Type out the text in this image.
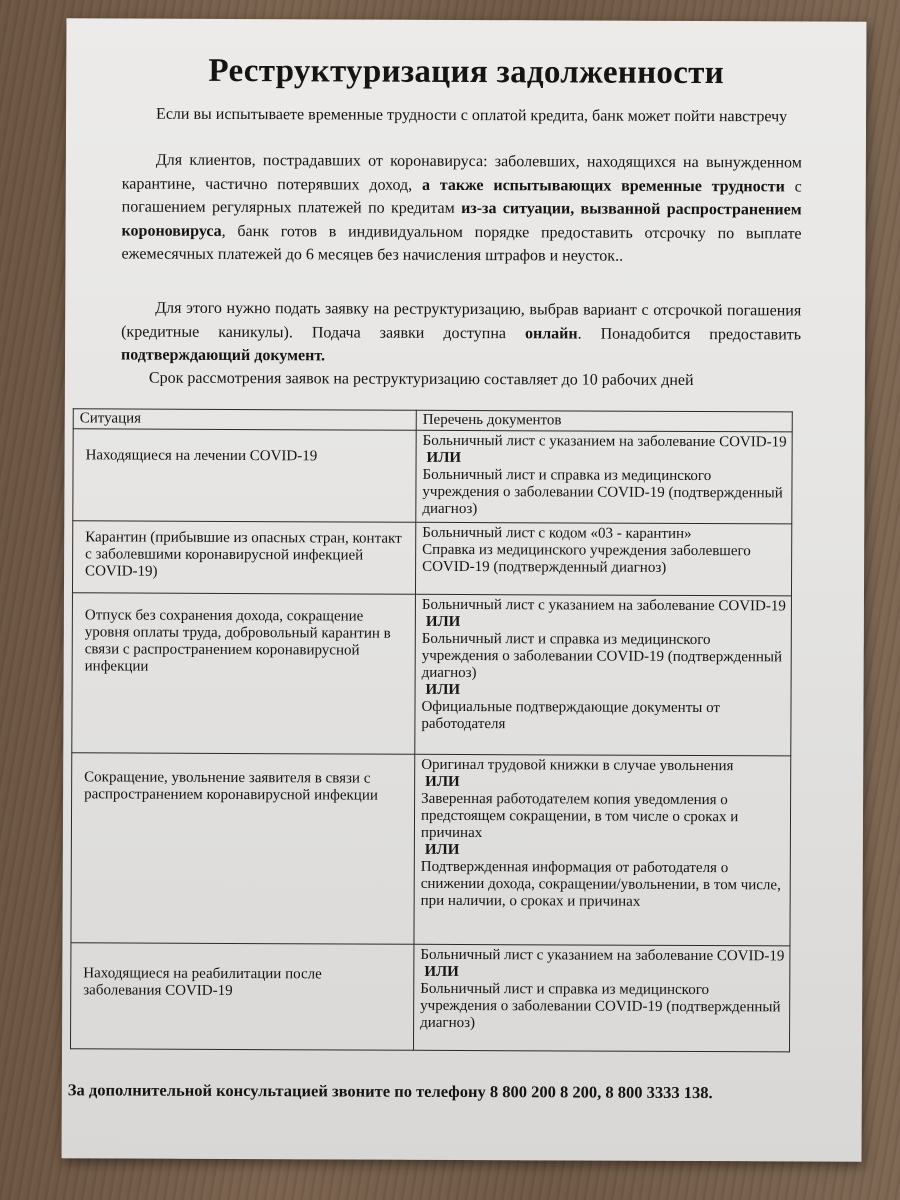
Реструктуризация задолженности

Если вы испытываете временные трудности с оплатой кредита, банк может пойти навстречу

Для клиентов, пострадавших от коронавируса: заболевших, находящихся на вынужденном карантине, частично потерявших доход, а также испытывающих временные трудности с погашением регулярных платежей по кредитам из-за ситуации, вызванной распространением короновируса, банк готов в индивидуальном порядке предоставить отсрочку по выплате ежемесячных платежей до 6 месяцев без начисления штрафов и неусток..

Для этого нужно подать заявку на реструктуризацию, выбрав вариант с отсрочкой погашения (кредитные каникулы). Подача заявки доступна онлайн. Понадобится предоставить подтверждающий документ.

Срок рассмотрения заявок на реструктуризацию составляет до 10 рабочих дней

Ситуация	Перечень документов
Находящиеся на лечении COVID-19	Больничный лист с указанием на заболевание COVID-19
ИЛИ
Больничный лист и справка из медицинского учреждения о заболевании COVID-19 (подтвержденный диагноз)

Карантин (прибывшие из опасных стран, контакт с заболевшими коронавирусной инфекцией COVID-19)	Больничный лист с кодом «03 - карантин»
Справка из медицинского учреждения заболевшего COVID-19 (подтвержденный диагноз)

Отпуск без сохранения дохода, сокращение уровня оплаты труда, добровольный карантин в связи с распространением коронавирусной инфекции	Больничный лист с указанием на заболевание COVID-19
ИЛИ
Больничный лист и справка из медицинского учреждения о заболевании COVID-19 (подтвержденный диагноз)
ИЛИ
Официальные подтверждающие документы от работодателя

Сокращение, увольнение заявителя в связи с распространением коронавирусной инфекции	Оригинал трудовой книжки в случае увольнения
ИЛИ
Заверенная работодателем копия уведомления о предстоящем сокращении, в том числе о сроках и причинах
ИЛИ
Подтвержденная информация от работодателя о снижении дохода, сокращении/увольнении, в том числе, при наличии, о сроках и причинах

Находящиеся на реабилитации после заболевания COVID-19	Больничный лист с указанием на заболевание COVID-19
ИЛИ
Больничный лист и справка из медицинского учреждения о заболевании COVID-19 (подтвержденный диагноз)
За дополнительной консультацией звоните по телефону 8 800 200 8 200, 8 800 3333 138.
